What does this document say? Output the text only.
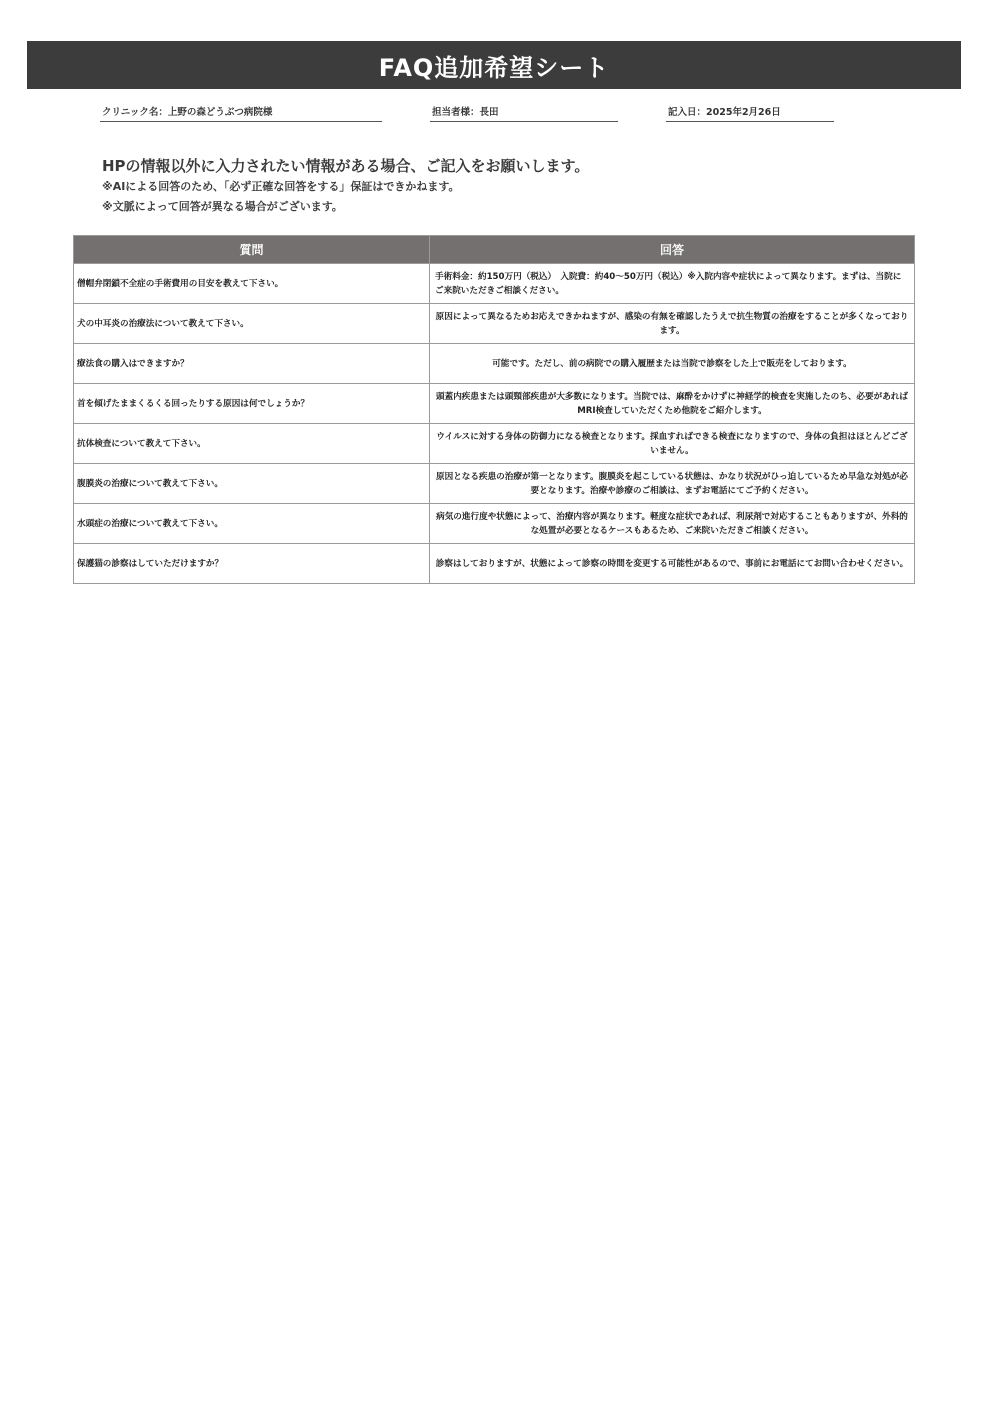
FAQ追加希望シート
クリニック名：上野の森どうぶつ病院様	担当者様：長田	記入日：2025年2月26日
HPの情報以外に入力されたい情報がある場合、ご記入をお願いします。
※AIによる回答のため、「必ず正確な回答をする」保証はできかねます。
※文脈によって回答が異なる場合がございます。
質問	回答
僧帽弁閉鎖不全症の手術費用の目安を教えて下さい。	手術料金：約150万円（税込）　入院費：約40～50万円（税込）※入院内容や症状によって異なります。まずは、当院にご来院いただきご相談ください。
犬の中耳炎の治療法について教えて下さい。	原因によって異なるためお応えできかねますが、感染の有無を確認したうえで抗生物質の治療をすることが多くなっております。
療法食の購入はできますか？	可能です。ただし、前の病院での購入履歴または当院で診察をした上で販売をしております。
首を傾げたままくるくる回ったりする原因は何でしょうか？	頭蓋内疾患または頭頸部疾患が大多数になります。当院では、麻酔をかけずに神経学的検査を実施したのち、必要があればMRI検査していただくため他院をご紹介します。
抗体検査について教えて下さい。	ウイルスに対する身体の防御力になる検査となります。採血すればできる検査になりますので、身体の負担はほとんどございません。
腹膜炎の治療について教えて下さい。	原因となる疾患の治療が第一となります。腹膜炎を起こしている状態は、かなり状況がひっ迫しているため早急な対処が必要となります。治療や診療のご相談は、まずお電話にてご予約ください。
水頭症の治療について教えて下さい。	病気の進行度や状態によって、治療内容が異なります。軽度な症状であれば、利尿剤で対応することもありますが、外科的な処置が必要となるケースもあるため、ご来院いただきご相談ください。
保護猫の診察はしていただけますか？	診察はしておりますが、状態によって診察の時間を変更する可能性があるので、事前にお電話にてお問い合わせください。
